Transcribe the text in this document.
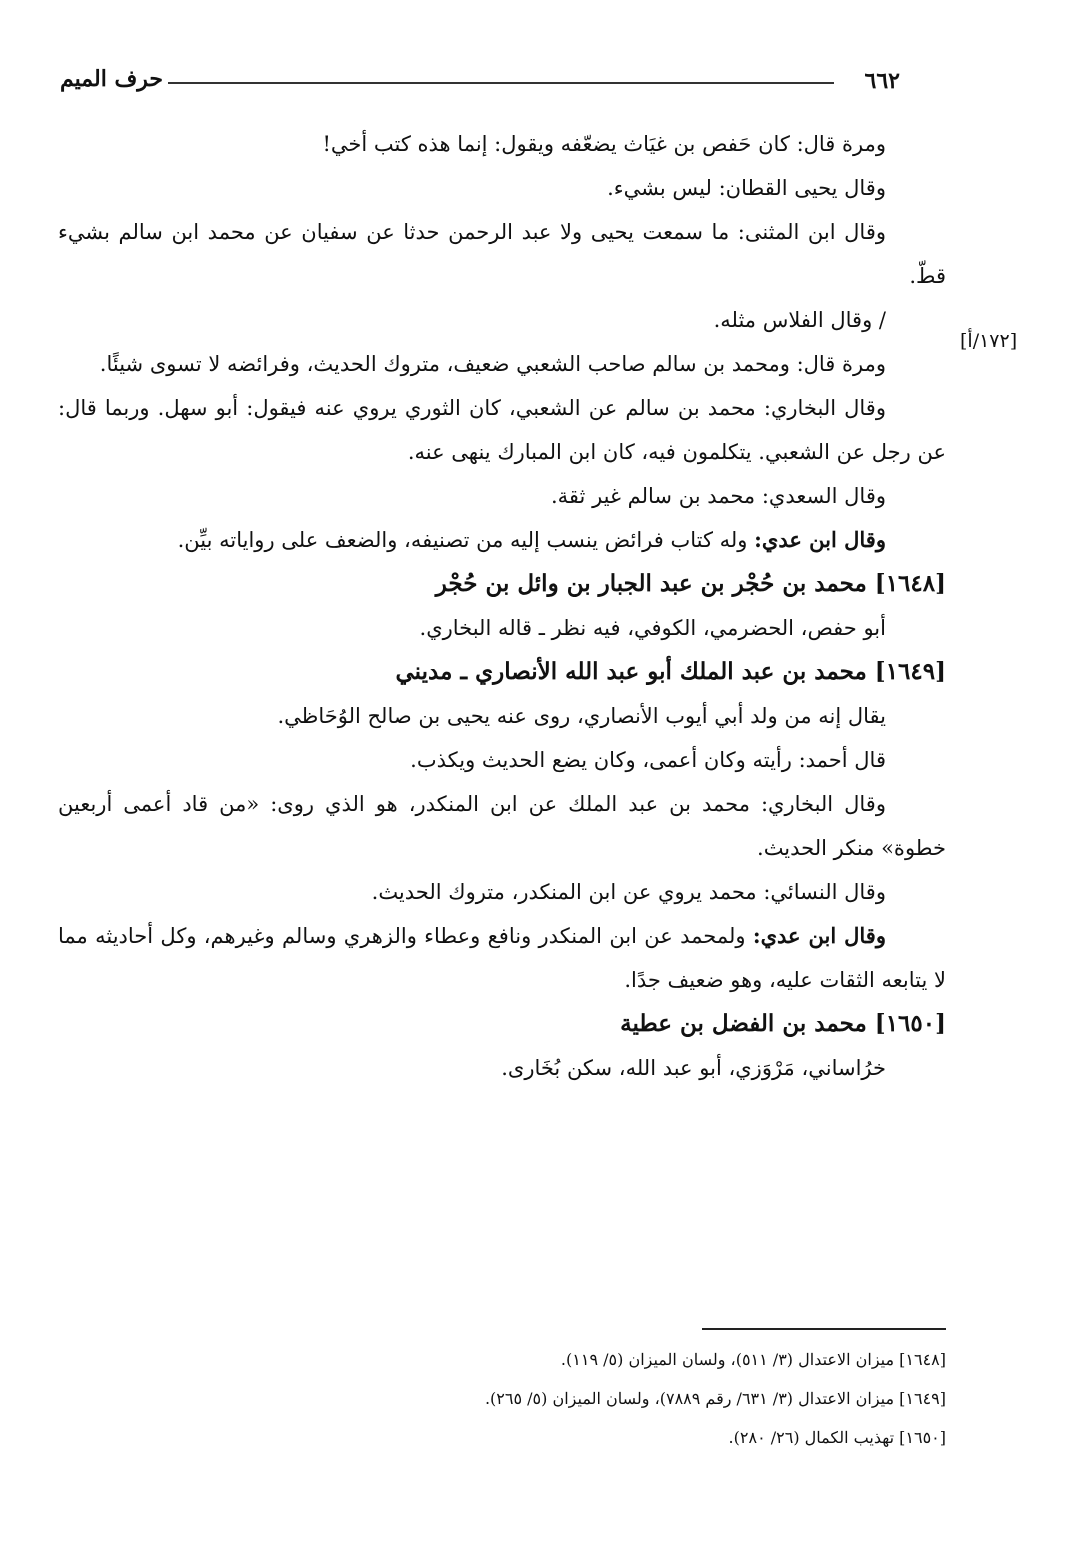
٦٦٢
حرف الميم
[١٧٢/أ]

ومرة قال: كان حَفص بن غيَاث يضعّفه ويقول: إنما هذه كتب أخي!

وقال يحيى القطان: ليس بشيء.

وقال ابن المثنى: ما سمعت يحيى ولا عبد الرحمن حدثا عن سفيان عن محمد ابن سالم بشيء قطّ.

/ وقال الفلاس مثله.

ومرة قال: ومحمد بن سالم صاحب الشعبي ضعيف، متروك الحديث، وفرائضه لا تسوى شيئًا.

وقال البخاري: محمد بن سالم عن الشعبي، كان الثوري يروي عنه فيقول: أبو سهل. وربما قال: عن رجل عن الشعبي. يتكلمون فيه، كان ابن المبارك ينهى عنه.

وقال السعدي: محمد بن سالم غير ثقة.

وقال ابن عدي: وله كتاب فرائض ينسب إليه من تصنيفه، والضعف على رواياته بيِّن.

[١٦٤٨] محمد بن حُجْر بن عبد الجبار بن وائل بن حُجْر

أبو حفص، الحضرمي، الكوفي، فيه نظر ـ قاله البخاري.

[١٦٤٩] محمد بن عبد الملك أبو عبد الله الأنصاري ـ مديني

يقال إنه من ولد أبي أيوب الأنصاري، روى عنه يحيى بن صالح الوُحَاظي.

قال أحمد: رأيته وكان أعمى، وكان يضع الحديث ويكذب.

وقال البخاري: محمد بن عبد الملك عن ابن المنكدر، هو الذي روى: «من قاد أعمى أربعين خطوة» منكر الحديث.

وقال النسائي: محمد يروي عن ابن المنكدر، متروك الحديث.

وقال ابن عدي: ولمحمد عن ابن المنكدر ونافع وعطاء والزهري وسالم وغيرهم، وكل أحاديثه مما لا يتابعه الثقات عليه، وهو ضعيف جدًا.

[١٦٥٠] محمد بن الفضل بن عطية

خرُاساني، مَرْوَزي، أبو عبد الله، سكن بُخَارى.

[١٦٤٨] ميزان الاعتدال (٣/ ٥١١)، ولسان الميزان (٥/ ١١٩).

[١٦٤٩] ميزان الاعتدال (٣/ ٦٣١/ رقم ٧٨٨٩)، ولسان الميزان (٥/ ٢٦٥).

[١٦٥٠] تهذيب الكمال (٢٦/ ٢٨٠).
